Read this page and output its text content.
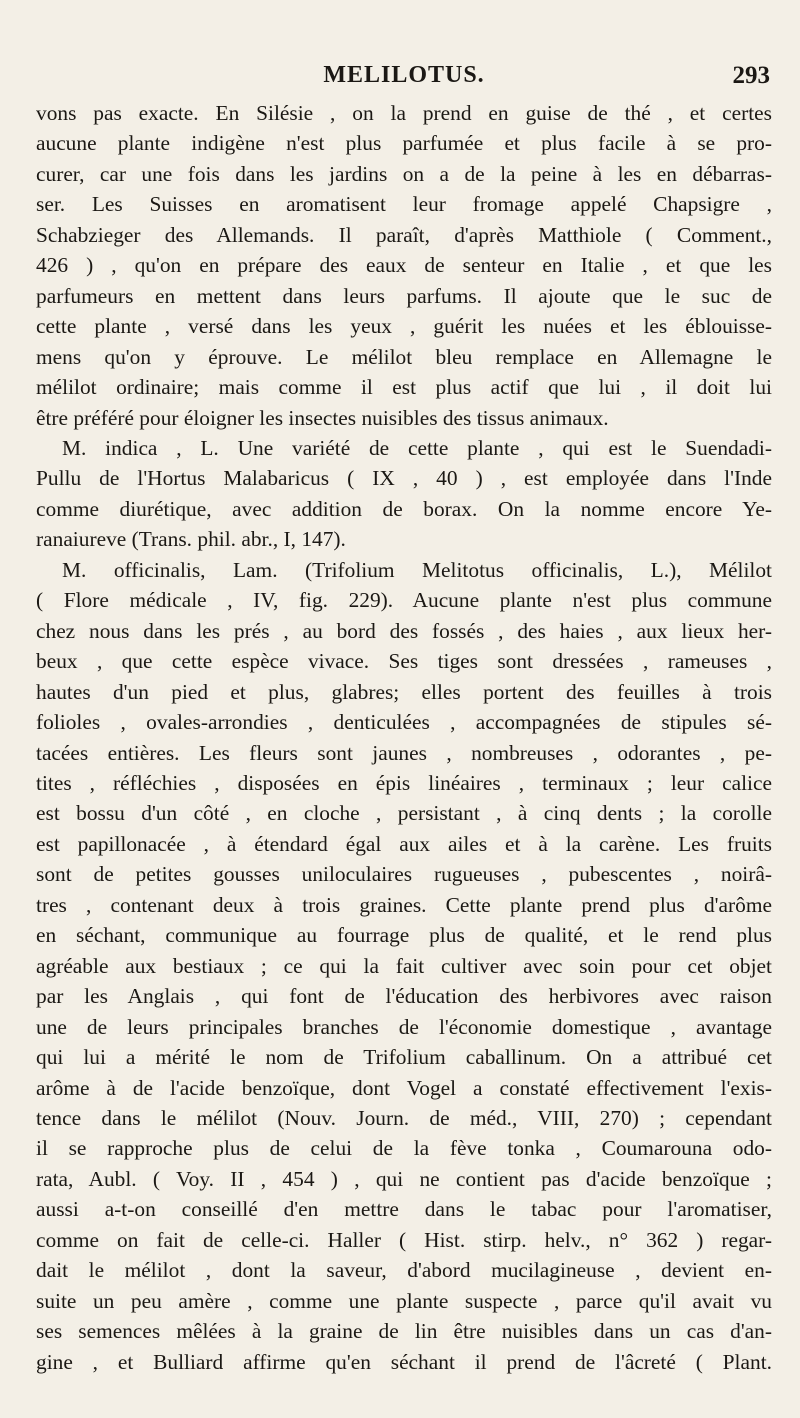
MELILOTUS.	293
vons pas exacte. En Silésie , on la prend en guise de thé , et certes
aucune plante indigène n'est plus parfumée et plus facile à se pro-
curer, car une fois dans les jardins on a de la peine à les en débarras-
ser. Les Suisses en aromatisent leur fromage appelé Chapsigre ,
Schabzieger des Allemands. Il paraît, d'après Matthiole ( Comment.,
426 ) , qu'on en prépare des eaux de senteur en Italie , et que les
parfumeurs en mettent dans leurs parfums. Il ajoute que le suc de
cette plante , versé dans les yeux , guérit les nuées et les éblouisse-
mens qu'on y éprouve. Le mélilot bleu remplace en Allemagne le
mélilot ordinaire; mais comme il est plus actif que lui , il doit lui
être préféré pour éloigner les insectes nuisibles des tissus animaux.
M. indica , L. Une variété de cette plante , qui est le Suendadi-
Pullu de l'Hortus Malabaricus ( IX , 40 ) , est employée dans l'Inde
comme diurétique, avec addition de borax. On la nomme encore Ye-
ranaiureve (Trans. phil. abr., I, 147).
M. officinalis, Lam. (Trifolium Melitotus officinalis, L.), Mélilot
( Flore médicale , IV, fig. 229). Aucune plante n'est plus commune
chez nous dans les prés , au bord des fossés , des haies , aux lieux her-
beux , que cette espèce vivace. Ses tiges sont dressées , rameuses ,
hautes d'un pied et plus, glabres; elles portent des feuilles à trois
folioles , ovales-arrondies , denticulées , accompagnées de stipules sé-
tacées entières. Les fleurs sont jaunes , nombreuses , odorantes , pe-
tites , réfléchies , disposées en épis linéaires , terminaux ; leur calice
est bossu d'un côté , en cloche , persistant , à cinq dents ; la corolle
est papillonacée , à étendard égal aux ailes et à la carène. Les fruits
sont de petites gousses uniloculaires rugueuses , pubescentes , noirâ-
tres , contenant deux à trois graines. Cette plante prend plus d'arôme
en séchant, communique au fourrage plus de qualité, et le rend plus
agréable aux bestiaux ; ce qui la fait cultiver avec soin pour cet objet
par les Anglais , qui font de l'éducation des herbivores avec raison
une de leurs principales branches de l'économie domestique , avantage
qui lui a mérité le nom de Trifolium caballinum. On a attribué cet
arôme à de l'acide benzoïque, dont Vogel a constaté effectivement l'exis-
tence dans le mélilot (Nouv. Journ. de méd., VIII, 270) ; cependant
il se rapproche plus de celui de la fève tonka , Coumarouna odo-
rata, Aubl. ( Voy. II , 454 ) , qui ne contient pas d'acide benzoïque ;
aussi a-t-on conseillé d'en mettre dans le tabac pour l'aromatiser,
comme on fait de celle-ci. Haller ( Hist. stirp. helv., n° 362 ) regar-
dait le mélilot , dont la saveur, d'abord mucilagineuse , devient en-
suite un peu amère , comme une plante suspecte , parce qu'il avait vu
ses semences mêlées à la graine de lin être nuisibles dans un cas d'an-
gine , et Bulliard affirme qu'en séchant il prend de l'âcreté ( Plant.
